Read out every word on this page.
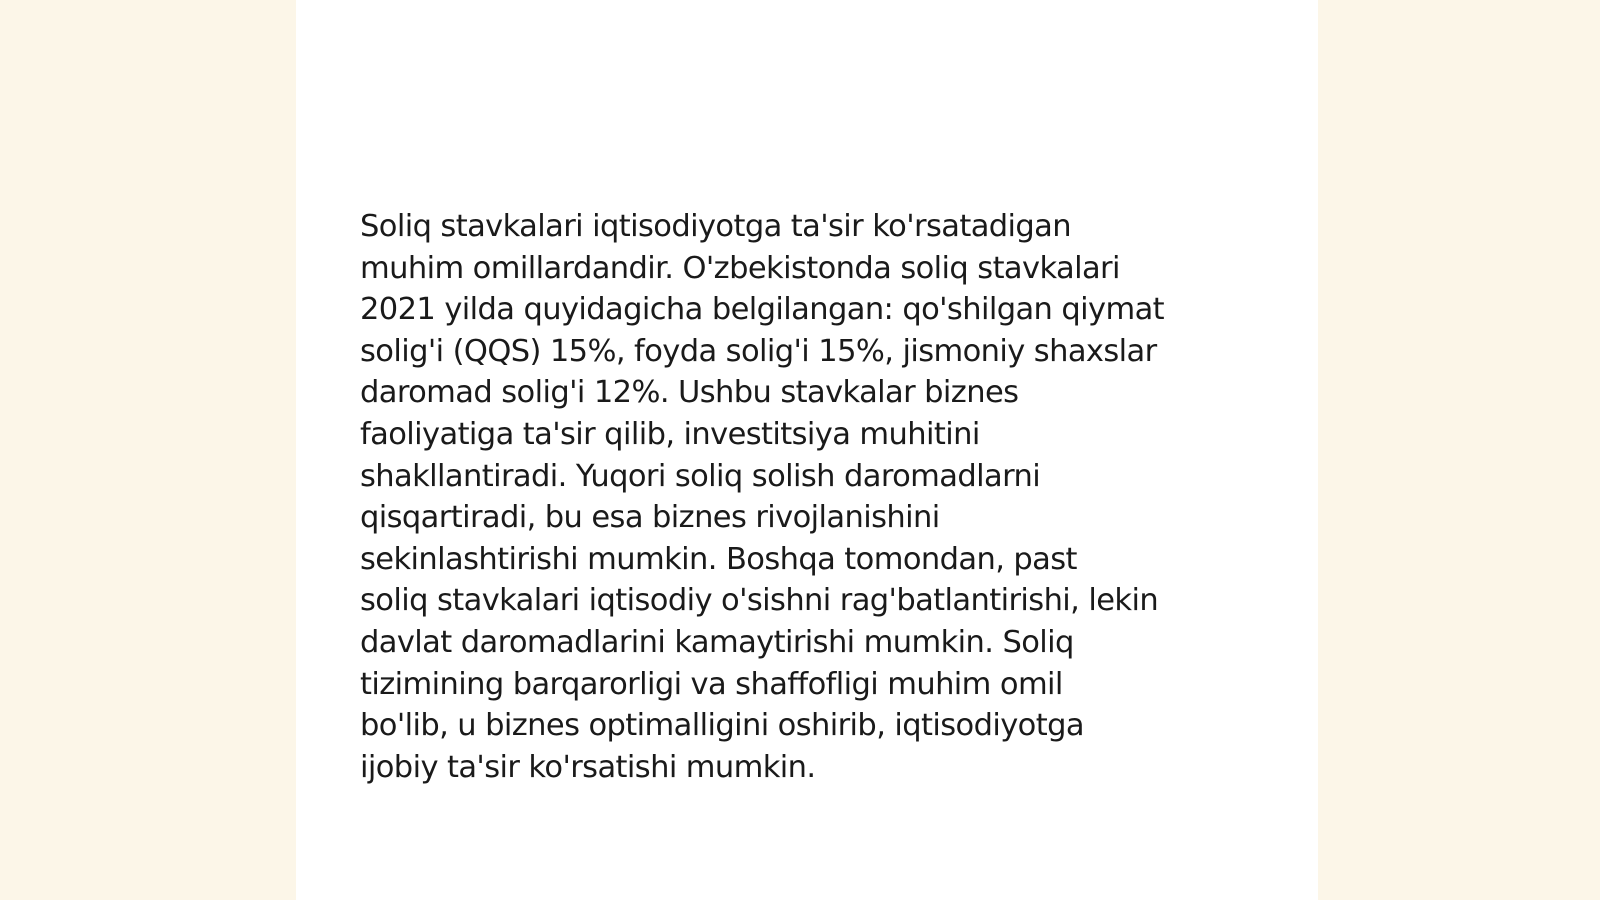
Soliq stavkalari iqtisodiyotga ta'sir ko'rsatadigan
muhim omillardandir. O'zbekistonda soliq stavkalari
2021 yilda quyidagicha belgilangan: qo'shilgan qiymat
solig'i (QQS) 15%, foyda solig'i 15%, jismoniy shaxslar
daromad solig'i 12%. Ushbu stavkalar biznes
faoliyatiga ta'sir qilib, investitsiya muhitini
shakllantiradi. Yuqori soliq solish daromadlarni
qisqartiradi, bu esa biznes rivojlanishini
sekinlashtirishi mumkin. Boshqa tomondan, past
soliq stavkalari iqtisodiy o'sishni rag'batlantirishi, lekin
davlat daromadlarini kamaytirishi mumkin. Soliq
tizimining barqarorligi va shaffofligi muhim omil
bo'lib, u biznes optimalligini oshirib, iqtisodiyotga
ijobiy ta'sir ko'rsatishi mumkin.
